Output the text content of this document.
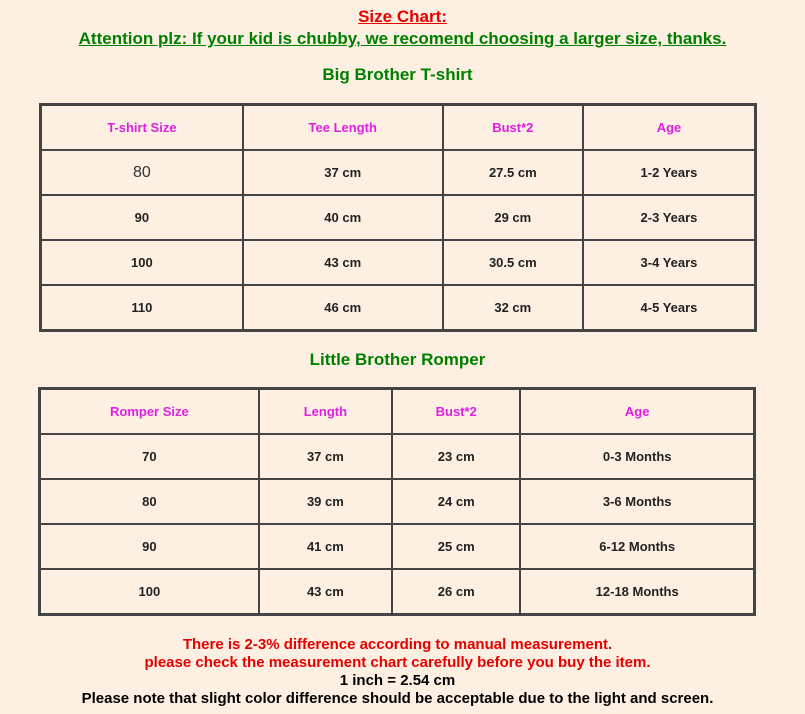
Size Chart:

Attention plz: If your kid is chubby, we recomend choosing a larger size, thanks.

Big Brother T-shirt

T-shirt Size	Tee Length	Bust*2	Age
80	37 cm	27.5 cm	1-2 Years
90	40 cm	29 cm	2-3 Years
100	43 cm	30.5 cm	3-4 Years
110	46 cm	32 cm	4-5 Years

Little Brother Romper

Romper Size	Length	Bust*2	Age
70	37 cm	23 cm	0-3 Months
80	39 cm	24 cm	3-6 Months
90	41 cm	25 cm	6-12 Months
100	43 cm	26 cm	12-18 Months
There is 2-3% difference according to manual measurement.
please check the measurement chart carefully before you buy the item.
1 inch = 2.54 cm
Please note that slight color difference should be acceptable due to the light and screen.
